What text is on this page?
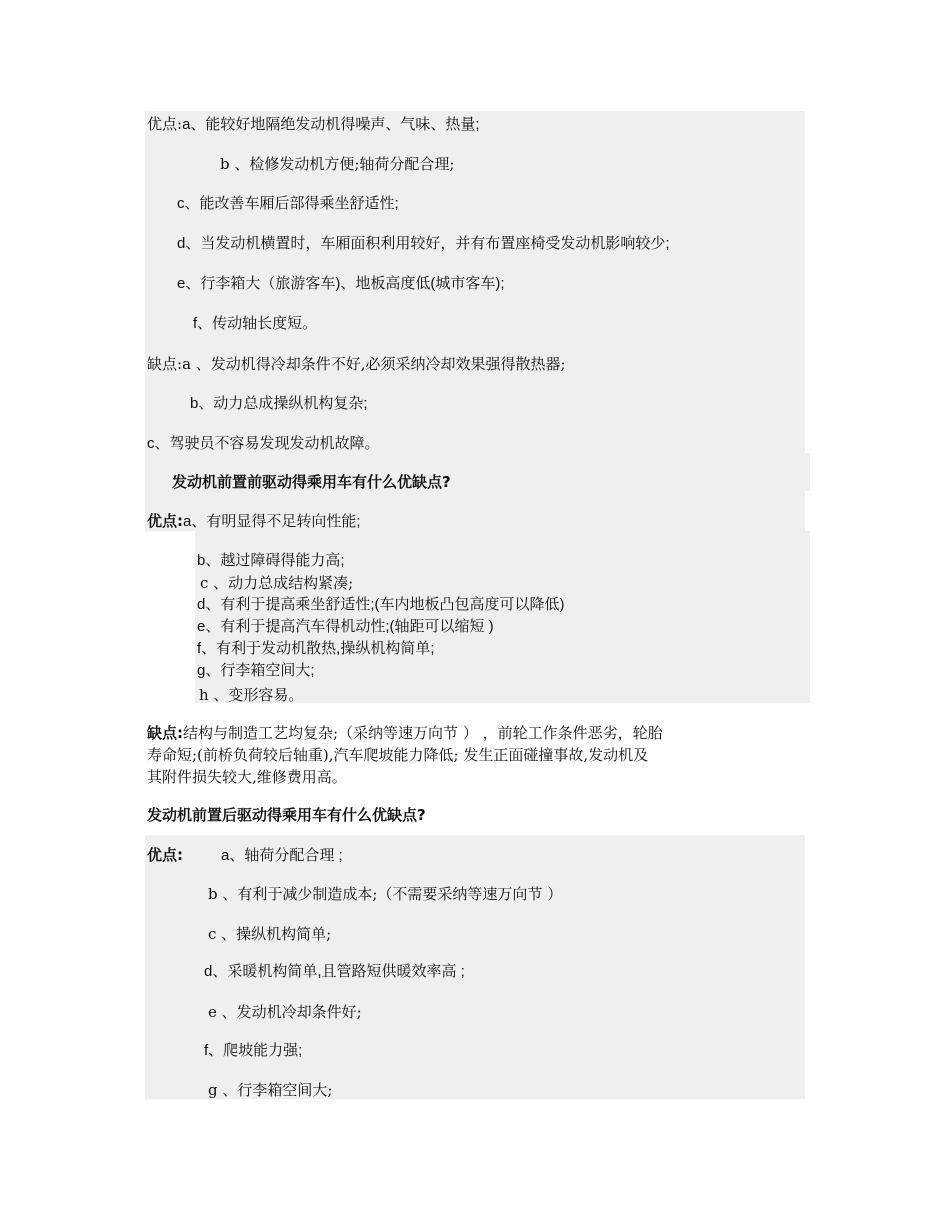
优点:a、能较好地隔绝发动机得噪声、气味、热量;
b 、检修发动机方便;轴荷分配合理;
c、能改善车厢后部得乘坐舒适性;
d、当发动机横置时，车厢面积利用较好，并有布置座椅受发动机影响较少;
e、行李箱大（旅游客车)、地板高度低(城市客车);
f、传动轴长度短。
缺点:a 、发动机得冷却条件不好,必须采纳冷却效果强得散热器;
b、动力总成操纵机构复杂;
c、驾驶员不容易发现发动机故障。
发动机前置前驱动得乘用车有什么优缺点?
优点:a、有明显得不足转向性能;
b、越过障碍得能力高;
c 、动力总成结构紧凑;
d、有利于提高乘坐舒适性;(车内地板凸包高度可以降低)
e、有利于提高汽车得机动性;(轴距可以缩短 )
f、有利于发动机散热,操纵机构简单;
g、行李箱空间大;
h 、变形容易。
缺点:结构与制造工艺均复杂;（采纳等速万向节 ） ，前轮工作条件恶劣，轮胎
寿命短;(前桥负荷较后轴重),汽车爬坡能力降低; 发生正面碰撞事故,发动机及
其附件损失较大,维修费用高。
发动机前置后驱动得乘用车有什么优缺点?
优点:	a、轴荷分配合理 ;
b 、有利于减少制造成本;（不需要采纳等速万向节 ）
c 、操纵机构简单;
d、采暖机构简单,且管路短供暖效率高 ;
e 、发动机冷却条件好;
f、爬坡能力强;
g 、行李箱空间大;
